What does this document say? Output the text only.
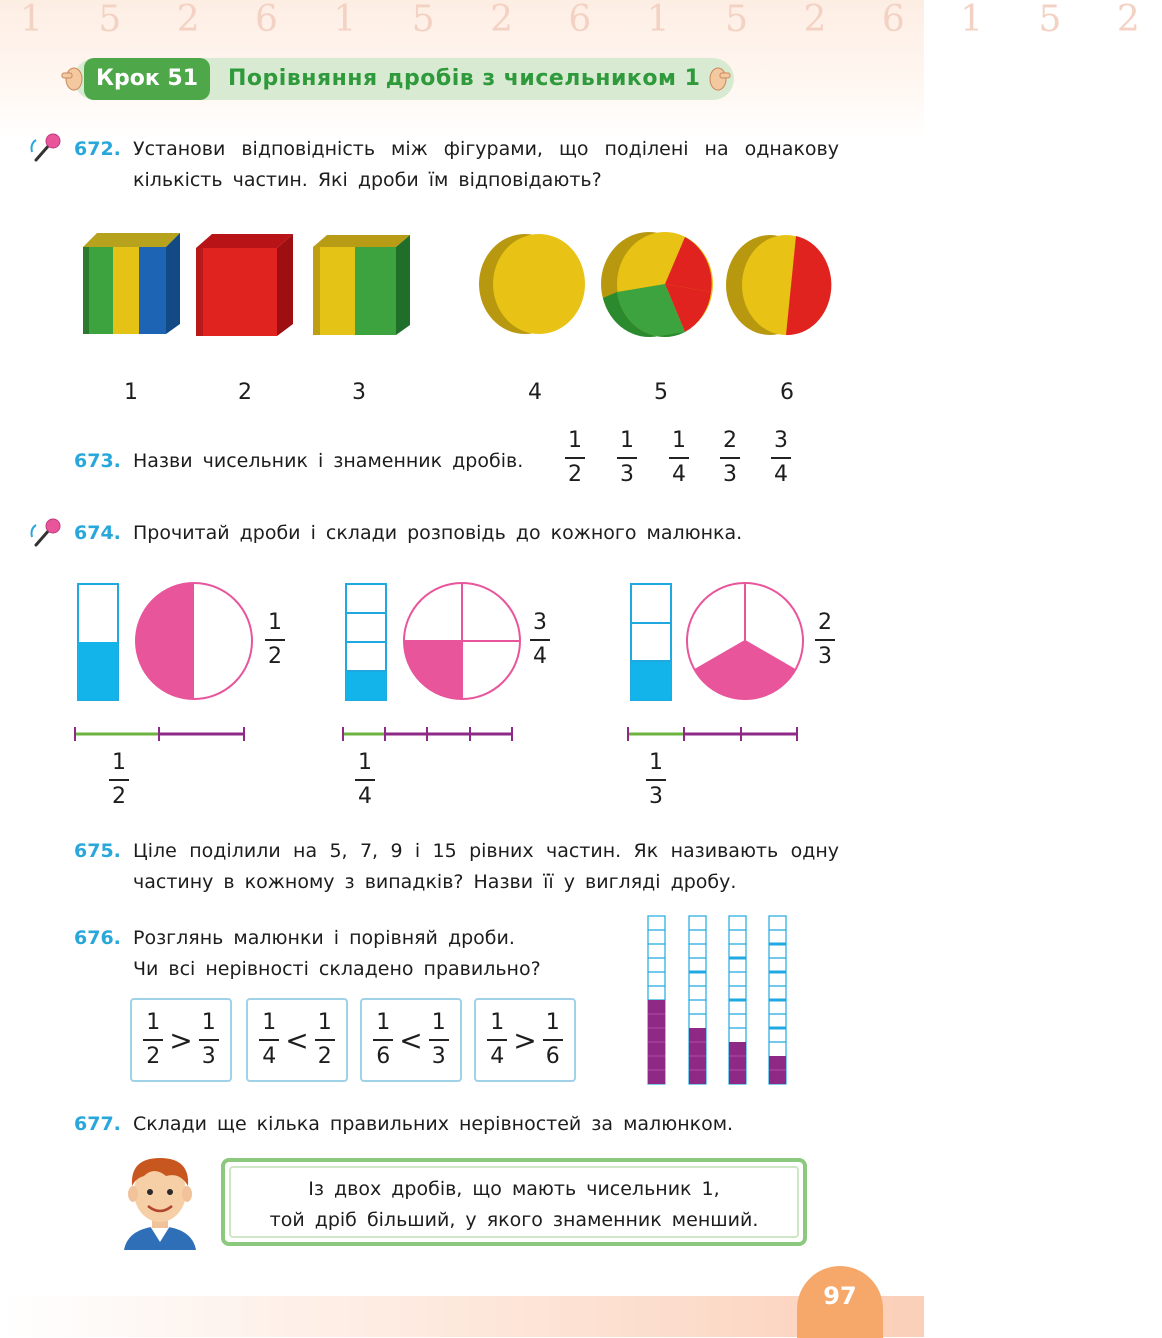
1 5 2 6 1 5 2 6 1 5 2 6 1 5 2
Крок 51	Порівняння дробів з чисельником 1
672. Установи відповідність між фігурами, що поділені на однакову
кількість частин. Які дроби їм відповідають?
1	2	3	4	5	6
673. Назви чисельник і знаменник дробів.
1
2
1
3
1
4
2
3
3
4
674. Прочитай дроби і склади розповідь до кожного малюнка.
1
2
1
2
3
4
1
4
2
3
1
3
675. Ціле поділили на 5, 7, 9 і 15 рівних частин. Як називають одну
частину в кожному з випадків? Назви її у вигляді дробу.
676. Розглянь малюнки і порівняй дроби.
Чи всі нерівності складено правильно?
$\frac{1}{2} > \frac{1}{3} \frac{1}{4} < \frac{1}{2} \frac{1}{6} < \frac{1}{3} \frac{1}{4} > \frac{1}{6}$
677. Склади ще кілька правильних нерівностей за малюнком.
Із двох дробів, що мають чисельник 1,
той дріб більший, у якого знаменник менший.
97
